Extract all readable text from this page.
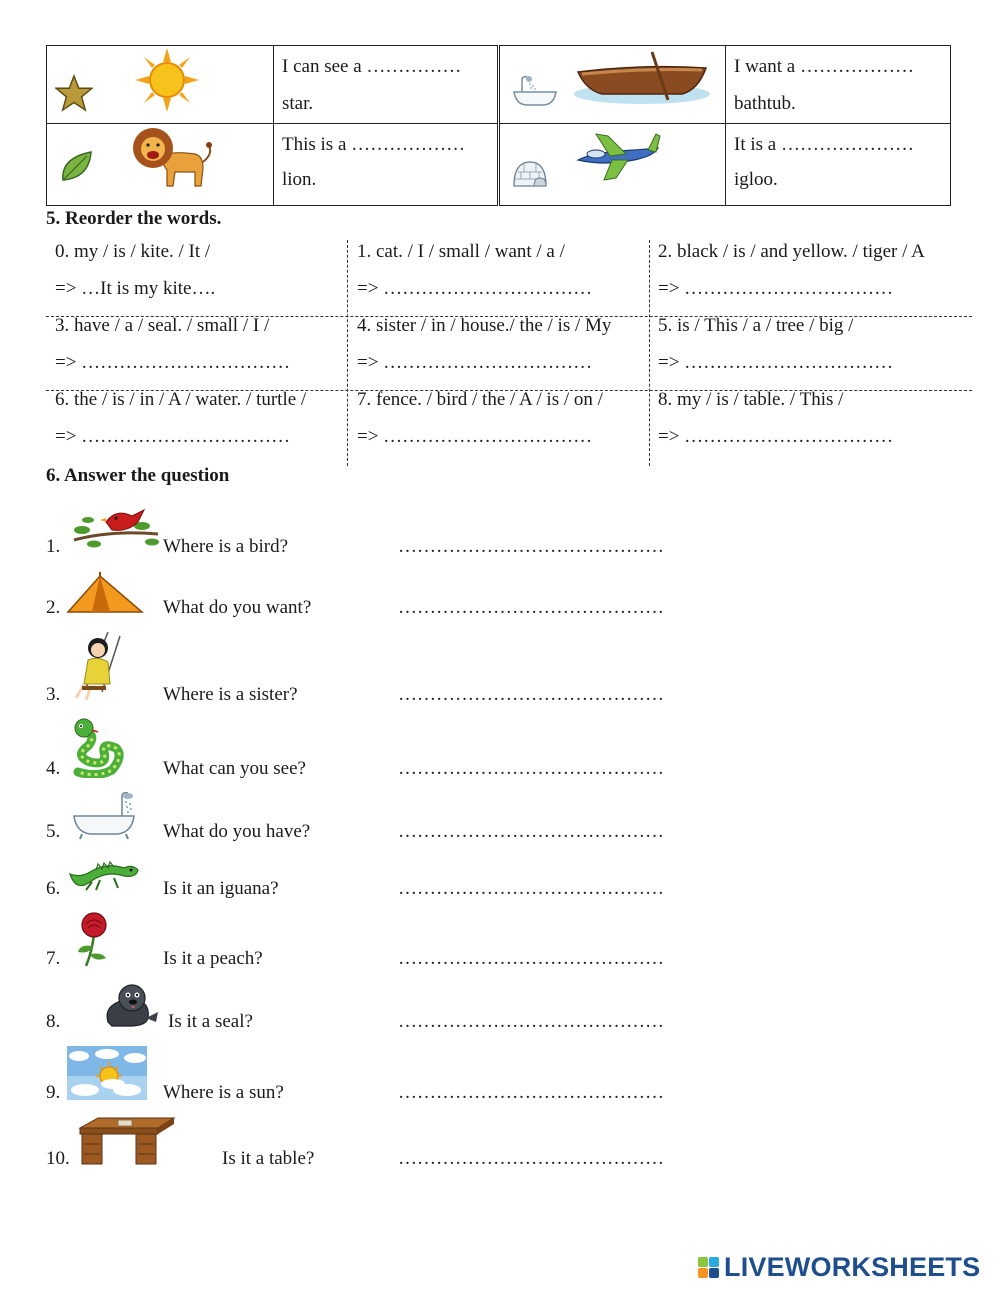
I can see a ……………
star.
I want a ………………
bathtub.
This is a ………………
lion.
It is a …………………
igloo.
5. Reorder the words.
0. my / is / kite. / It /
=> …It is my kite….
1. cat. / I / small / want / a /
=> ……………………………
2. black / is / and yellow. / tiger / A
=> ……………………………
3. have / a / seal. / small / I /
=> ……………………………
4. sister / in / house./ the / is / My
=> ……………………………
5. is / This / a / tree / big /
=> ……………………………
6. the / is / in / A / water. / turtle /
=> ……………………………
7. fence. / bird / the / A / is / on /
=> ……………………………
8. my / is / table. / This /
=> ……………………………
6. Answer the question
1.	Where is a bird?	……………………………………
2.	What do you want?	……………………………………
3.	Where is a sister?	……………………………………
4.	What can you see?	……………………………………
5.	What do you have?	……………………………………
6.	Is it an iguana?	……………………………………
7.	Is it a peach?	……………………………………
8.	Is it a seal?	……………………………………
9.	Where is a sun?	……………………………………
10.	Is it a table?	……………………………………
LIVEWORKSHEETS
